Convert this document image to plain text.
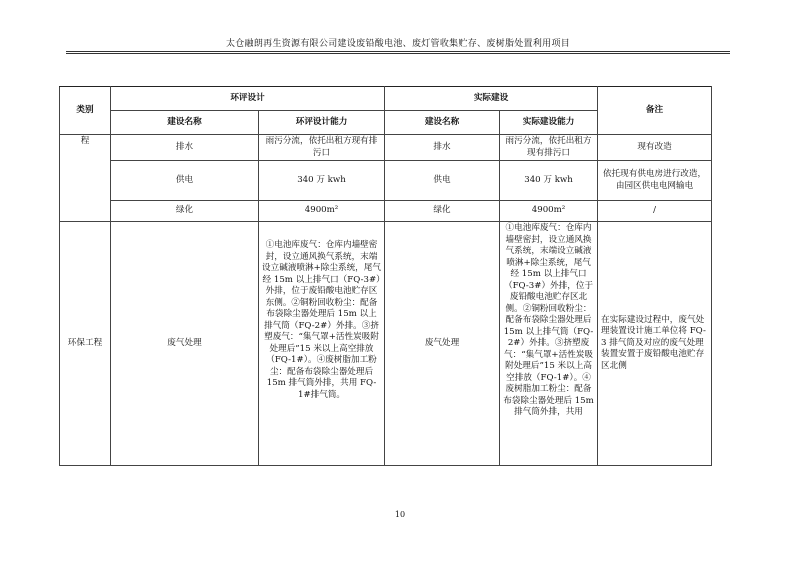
太仓融朗再生资源有限公司建设废铅酸电池、废灯管收集贮存、废树脂处置利用项目
类别	环评设计		实际建设		备注
	建设名称	环评设计能力	建设名称	实际建设能力	
程	排水	雨污分流，依托出租方现有排污口	排水	雨污分流，依托出租方现有排污口	现有改造
	供电	340 万 kwh	供电	340 万 kwh	依托现有供电房进行改造，由园区供电电网输电
	绿化	4900m²	绿化	4900m²	/
环保工程	废气处理	①电池库废气：仓库内墙壁密封，设立通风换气系统，末端设立碱液喷淋+除尘系统，尾气经 15m 以上排气口（FQ-3#）外排，位于废铅酸电池贮存区东侧。②铜粉回收粉尘：配备布袋除尘器处理后 15m 以上排气筒（FQ-2#）外排。③挤塑废气：“集气罩+活性炭吸附处理后”15 米以上高空排放（FQ-1#）。④废树脂加工粉尘：配备布袋除尘器处理后 15m 排气筒外排，共用 FQ-1#排气筒。	废气处理	①电池库废气：仓库内墙壁密封，设立通风换气系统，末端设立碱液喷淋+除尘系统，尾气经 15m 以上排气口（FQ-3#）外排，位于废铅酸电池贮存区北侧。②铜粉回收粉尘：配备布袋除尘器处理后 15m 以上排气筒（FQ-2#）外排。③挤塑废气：“集气罩+活性炭吸附处理后”15 米以上高空排放（FQ-1#）。④废树脂加工粉尘：配备布袋除尘器处理后 15m 排气筒外排，共用	在实际建设过程中，废气处理装置设计施工单位将 FQ-3 排气筒及对应的废气处理装置安置于废铅酸电池贮存区北侧
10
